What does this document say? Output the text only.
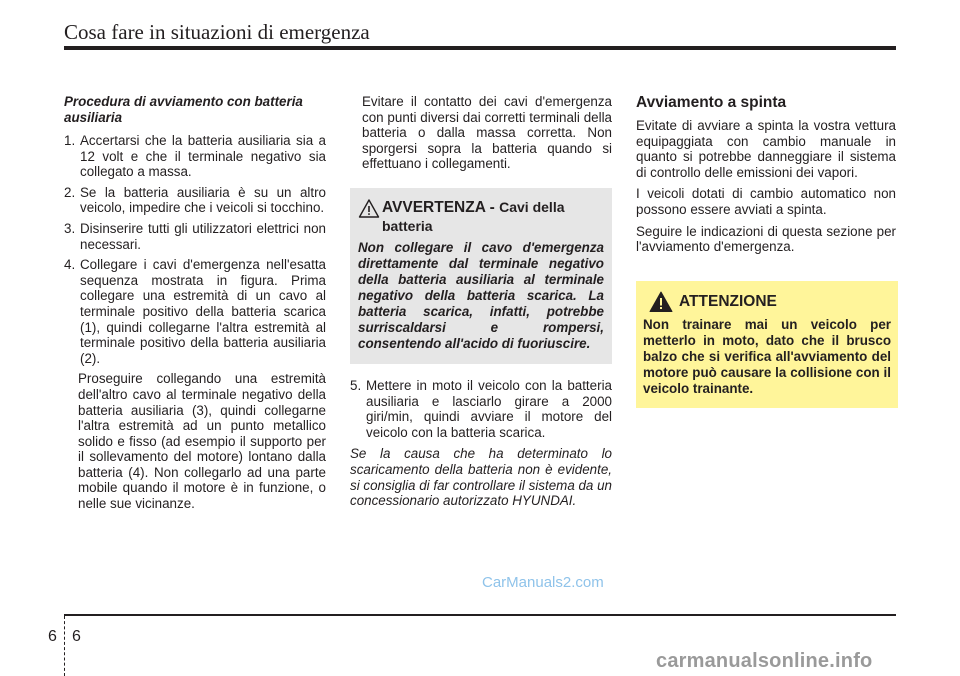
Cosa fare in situazioni di emergenza

Procedura di avviamento con batteria ausiliaria

1. Accertarsi che la batteria ausiliaria sia a 12 volt e che il terminale negativo sia collegato a massa.
2. Se la batteria ausiliaria è su un altro veicolo, impedire che i veicoli si tocchino.
3. Disinserire tutti gli utilizzatori elettrici non necessari.
4. Collegare i cavi d'emergenza nell'esatta sequenza mostrata in figura. Prima collegare una estremità di un cavo al terminale positivo della batteria scarica (1), quindi collegarne l'altra estremità al terminale positivo della batteria ausiliaria (2).

Proseguire collegando una estremità dell'altro cavo al terminale negativo della batteria ausiliaria (3), quindi collegarne l'altra estremità ad un punto metallico solido e fisso (ad esempio il supporto per il sollevamento del motore) lontano dalla batteria (4). Non collegarlo ad una parte mobile quando il motore è in funzione, o nelle sue vicinanze.

Evitare il contatto dei cavi d'emergenza con punti diversi dai corretti terminali della batteria o dalla massa corretta. Non sporgersi sopra la batteria quando si effettuano i collegamenti.

AVVERTENZA - Cavi della batteria

Non collegare il cavo d'emergenza direttamente dal terminale negativo della batteria ausiliaria al terminale negativo della batteria scarica. La batteria scarica, infatti, potrebbe surriscaldarsi e rompersi, consentendo all'acido di fuoriuscire.

5. Mettere in moto il veicolo con la batteria ausiliaria e lasciarlo girare a 2000 giri/min, quindi avviare il motore del veicolo con la batteria scarica.

Se la causa che ha determinato lo scaricamento della batteria non è evidente, si consiglia di far controllare il sistema da un concessionario autorizzato HYUNDAI.

Avviamento a spinta

Evitate di avviare a spinta la vostra vettura equipaggiata con cambio manuale in quanto si potrebbe danneggiare il sistema di controllo delle emissioni dei vapori.

I veicoli dotati di cambio automatico non possono essere avviati a spinta.

Seguire le indicazioni di questa sezione per l'avviamento d'emergenza.

ATTENZIONE

Non trainare mai un veicolo per metterlo in moto, dato che il brusco balzo che si verifica all'avviamento del motore può causare la collisione con il veicolo trainante.

CarManuals2.com
6 6
carmanualsonline.info
